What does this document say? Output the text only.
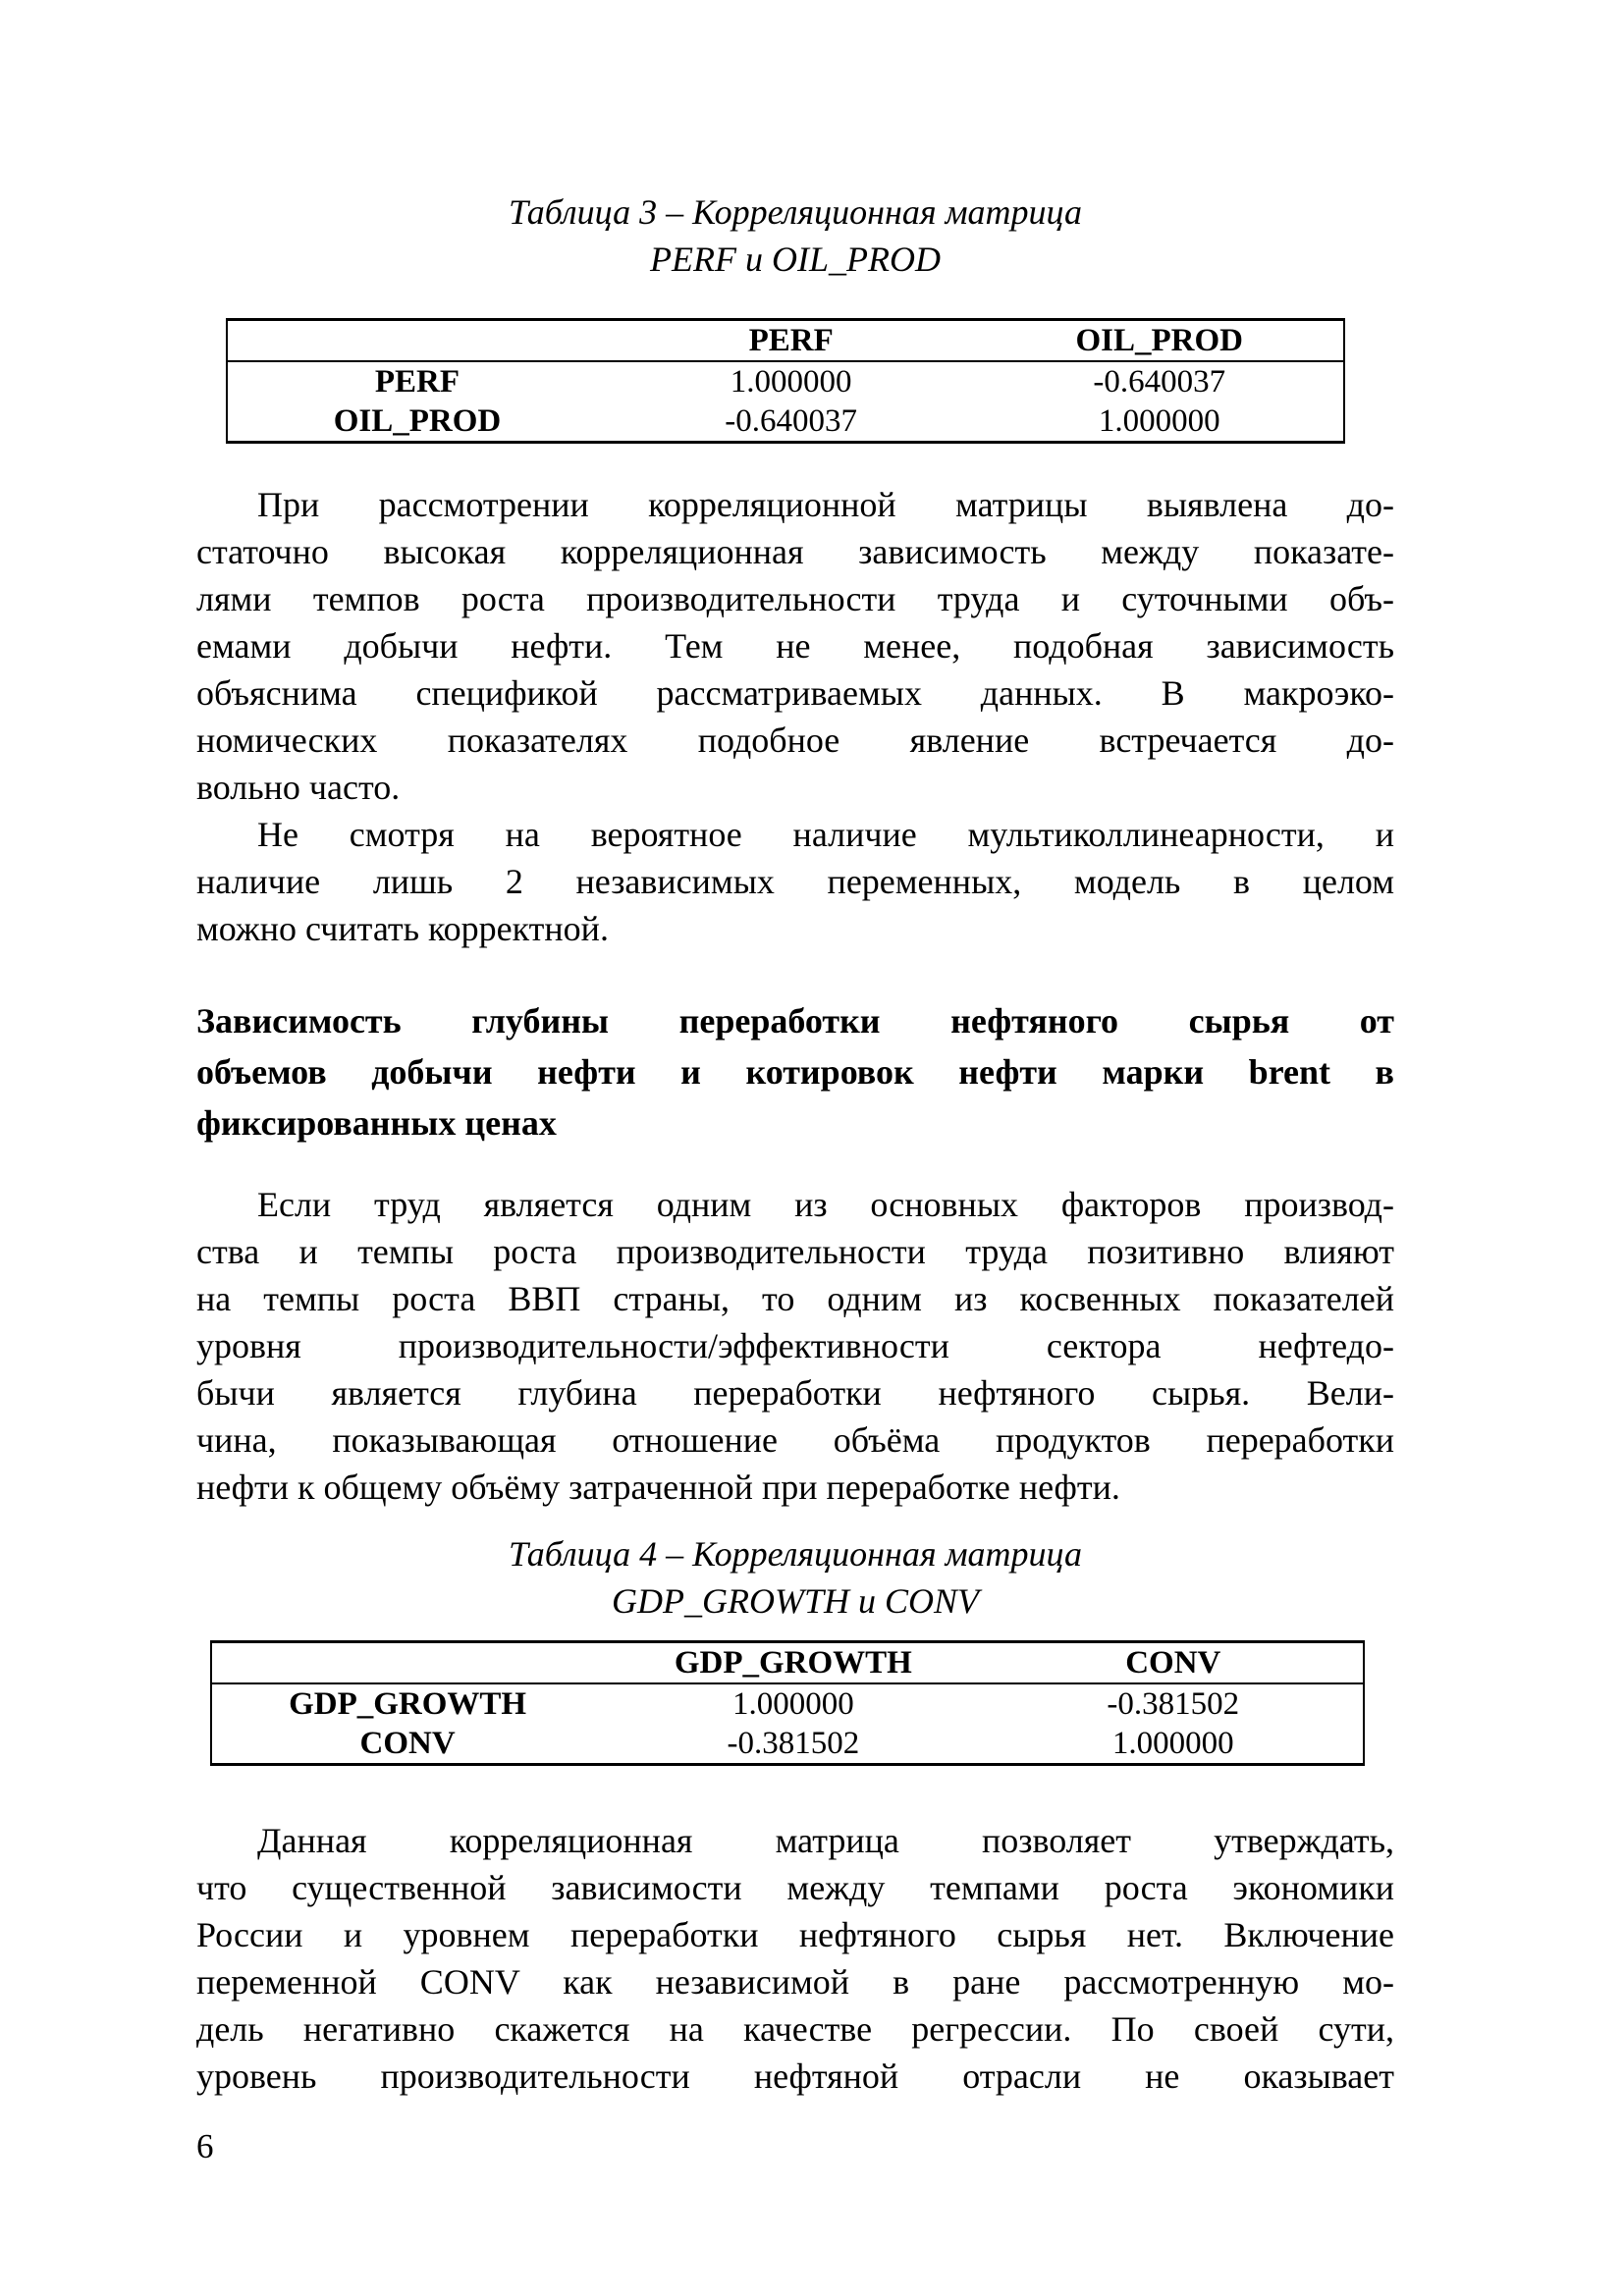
Таблица 3 – Корреляционная матрица
PERF и OIL_PROD
	PERF	OIL_PROD
PERF	1.000000	-0.640037
OIL_PROD	-0.640037	1.000000
При рассмотрении корреляционной матрицы выявлена до-
статочно высокая корреляционная зависимость между показате-
лями темпов роста производительности труда и суточными объ-
емами добычи нефти. Тем не менее, подобная зависимость
объяснима спецификой рассматриваемых данных. В макроэко-
номических показателях подобное явление встречается до-
вольно часто.
Не смотря на вероятное наличие мультиколлинеарности, и
наличие лишь 2 независимых переменных, модель в целом
можно считать корректной.
Зависимость глубины переработки нефтяного сырья от
объемов добычи нефти и котировок нефти марки brent в
фиксированных ценах
Если труд является одним из основных факторов производ-
ства и темпы роста производительности труда позитивно влияют
на темпы роста ВВП страны, то одним из косвенных показателей
уровня производительности/эффективности сектора нефтедо-
бычи является глубина переработки нефтяного сырья. Вели-
чина, показывающая отношение объёма продуктов переработки
нефти к общему объёму затраченной при переработке нефти.
Таблица 4 – Корреляционная матрица
GDP_GROWTH и CONV
	GDP_GROWTH	CONV
GDP_GROWTH	1.000000	-0.381502
CONV	-0.381502	1.000000
Данная корреляционная матрица позволяет утверждать,
что существенной зависимости между темпами роста экономики
России и уровнем переработки нефтяного сырья нет. Включение
переменной CONV как независимой в ране рассмотренную мо-
дель негативно скажется на качестве регрессии. По своей сути,
уровень производительности нефтяной отрасли не оказывает
6
